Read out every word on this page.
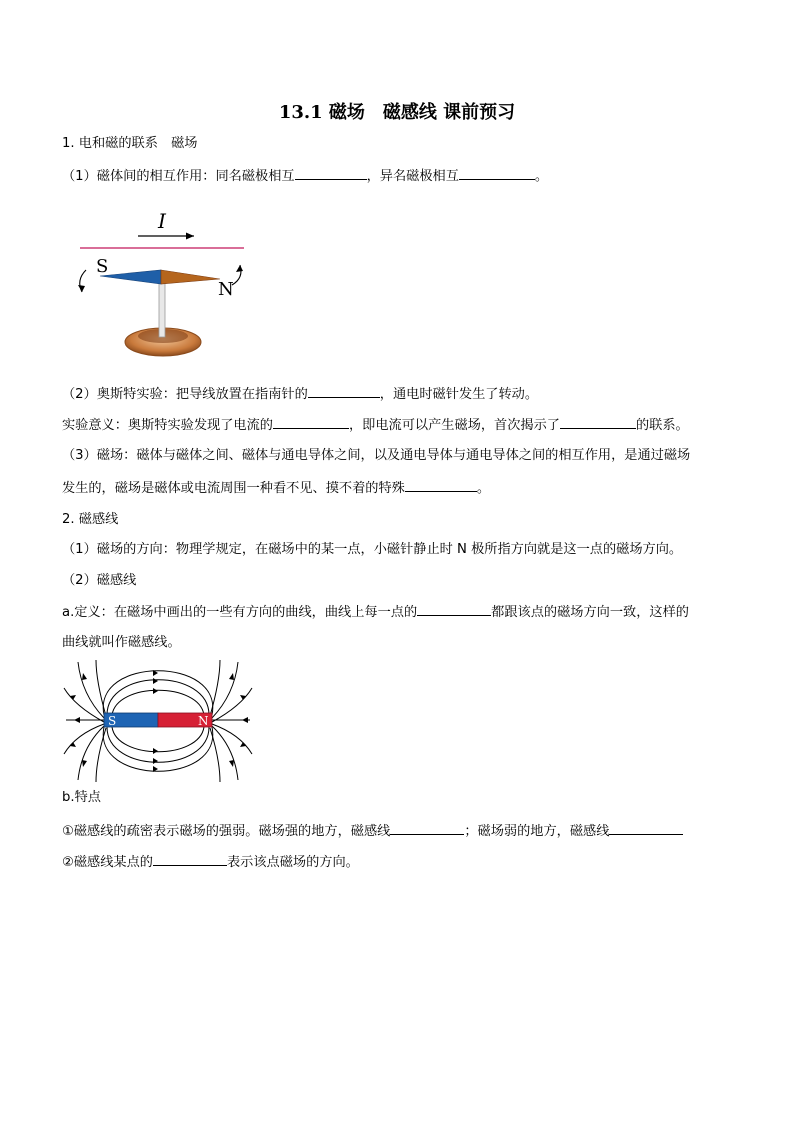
13.1 磁场　磁感线 课前预习
1. 电和磁的联系　磁场
（1）磁体间的相互作用：同名磁极相互	，异名磁极相互	。
I
S
N
（2）奥斯特实验：把导线放置在指南针的	，通电时磁针发生了转动。
实验意义：奥斯特实验发现了电流的	，即电流可以产生磁场，首次揭示了	的联系。
（3）磁场：磁体与磁体之间、磁体与通电导体之间，以及通电导体与通电导体之间的相互作用，是通过磁场
发生的，磁场是磁体或电流周围一种看不见、摸不着的特殊	。
2. 磁感线
（1）磁场的方向：物理学规定，在磁场中的某一点，小磁针静止时 N 极所指方向就是这一点的磁场方向。
（2）磁感线
a.定义：在磁场中画出的一些有方向的曲线，曲线上每一点的	都跟该点的磁场方向一致，这样的
曲线就叫作磁感线。
S	N
b.特点
①磁感线的疏密表示磁场的强弱。磁场强的地方，磁感线	；磁场弱的地方，磁感线
②磁感线某点的	表示该点磁场的方向。
